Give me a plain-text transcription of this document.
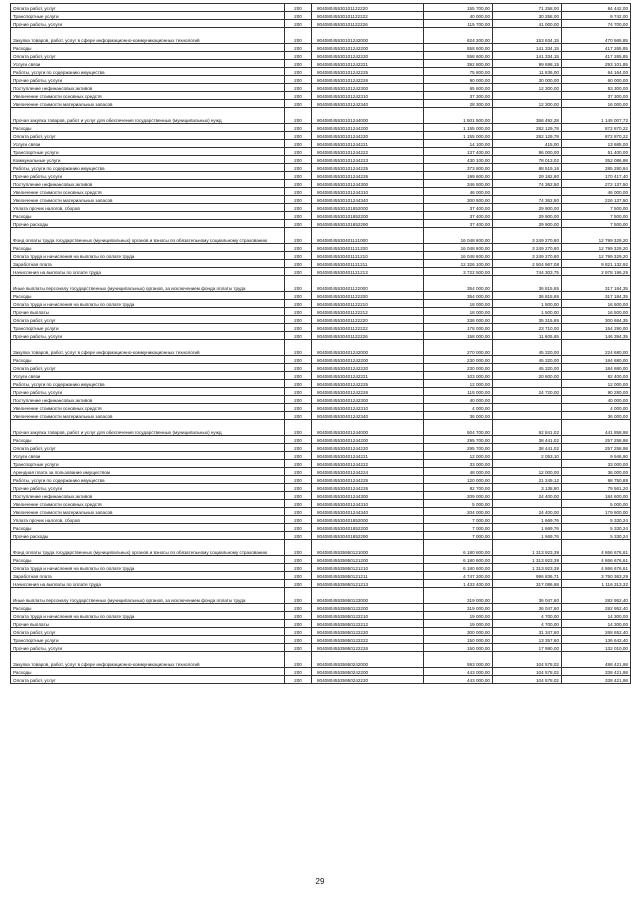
Оплата работ, услуг	200	80408045530101122220	155 700,00	71 258,00	84 442,00
Транспортные услуги	200	80408045530101122222	40 000,00	30 258,00	9 742,00
Прочие работы, услуги	200	80408045530101122226	115 700,00	41 000,00	74 700,00
Закупка товаров, работ, услуг в сфере информационно-коммуникационных технологий	200	80408045530101242000	624 200,00	153 634,15	470 565,85
Расходы	200	80408045530101242200	558 600,00	141 334,15	417 265,85
Оплата работ, услуг	200	80408045530101242220	558 600,00	141 334,15	417 265,85
Услуги связи	200	80408045530101242221	392 800,00	99 698,15	293 101,85
Работы, услуги по содержанию имущества	200	80408045530101242225	75 800,00	11 636,00	64 164,00
Прочие работы, услуги	200	80408045530101242226	90 000,00	30 000,00	60 000,00
Поступление нефинансовых активов	200	80408045530101242300	65 600,00	12 300,00	53 300,00
Увеличение стоимости основных средств	200	80408045530101242310	37 300,00		37 300,00
Увеличение стоимости материальных запасов	200	80408045530101242340	28 300,00	12 300,00	16 000,00
Прочая закупка товаров, работ и услуг для обеспечения государственных (муниципальных) нужд	200	80408045530101244000	1 501 500,00	356 492,28	1 145 007,72
Расходы	200	80408045530101244200	1 155 000,00	282 129,78	872 870,22
Оплата работ, услуг	200	80408045530101244220	1 155 000,00	282 129,78	872 870,22
Услуги связи	200	80408045530101244221	14 100,00	415,00	13 685,00
Транспортные услуги	200	80408045530101244222	137 400,00	86 000,00	51 400,00
Коммунальные услуги	200	80408045530101244223	430 100,00	78 013,02	352 086,98
Работы, услуги по содержанию имущества	200	80408045530101244225	373 800,00	88 519,16	285 280,84
Прочие работы, услуги	200	80408045530101244226	199 600,00	29 182,60	170 417,40
Поступление нефинансовых активов	200	80408045530101244300	346 500,00	74 362,50	272 137,50
Увеличение стоимости основных средств	200	80408045530101244310	46 000,00		46 000,00
Увеличение стоимости материальных запасов	200	80408045530101244340	300 500,00	74 362,50	226 137,50
Уплата прочих налогов, сборов	200	80408045530101852000	37 400,00	29 900,00	7 500,00
Расходы	200	80408045530101852200	37 400,00	29 900,00	7 500,00
Прочие расходы	200	80408045530101852290	37 400,00	29 900,00	7 500,00
Фонд оплаты труда государственных (муниципальных) органов и взносы по обязательному социальному страхованию	200	80408045530401121000	16 048 600,00	3 249 270,80	12 799 329,20
Расходы	200	80408045530401121200	16 048 600,00	3 249 270,80	12 799 329,20
Оплата труда и начисления на выплаты по оплате труда	200	80408045530401121210	16 048 600,00	3 249 270,80	12 799 329,20
Заработная плата	200	80408045530401121211	12 326 100,00	2 504 967,08	9 821 132,92
Начисления на выплаты по оплате труда	200	80408045530401121213	3 722 500,00	744 303,75	2 978 196,25
Иные выплаты персоналу государственных (муниципальных) органов, за исключением фонда оплаты труда	200	80408045530401122000	354 000,00	36 815,65	317 184,35
Расходы	200	80408045530401122200	354 000,00	36 815,65	317 184,35
Оплата труда и начисления на выплаты по оплате труда	200	80408045530401122210	18 000,00	1 500,00	16 500,00
Прочие выплаты	200	80408045530401122212	18 000,00	1 500,00	16 500,00
Оплата работ, услуг	200	80408045530401122220	336 000,00	35 315,65	300 684,35
Транспортные услуги	200	80408045530401122222	178 000,00	23 710,00	154 290,00
Прочие работы, услуги	200	80408045530401122226	158 000,00	11 605,65	146 394,35
Закупка товаров, работ, услуг в сфере информационно-коммуникационных технологий	200	80408045530401242000	270 000,00	45 320,00	224 680,00
Расходы	200	80408045530401242200	230 000,00	45 320,00	184 680,00
Оплата работ, услуг	200	80408045530401242220	230 000,00	45 320,00	184 680,00
Услуги связи	200	80408045530401242221	103 000,00	20 600,00	82 400,00
Работы, услуги по содержанию имущества	200	80408045530401242225	12 000,00		12 000,00
Прочие работы, услуги	200	80408045530401242226	115 000,00	24 720,00	90 280,00
Поступление нефинансовых активов	200	80408045530401242300	40 000,00		40 000,00
Увеличение стоимости основных средств	200	80408045530401242310	4 000,00		4 000,00
Увеличение стоимости материальных запасов	200	80408045530401242340	36 000,00		36 000,00
Прочая закупка товаров, работ и услуг для обеспечения государственных (муниципальных) нужд	200	80408045530401244000	504 700,00	62 841,02	441 858,98
Расходы	200	80408045530401244200	295 700,00	38 441,02	257 258,98
Оплата работ, услуг	200	80408045530401244220	295 700,00	38 441,02	257 258,98
Услуги связи	200	80408045530401244221	12 000,00	2 053,10	9 946,90
Транспортные услуги	200	80408045530401244222	33 000,00		33 000,00
Арендная плата за пользование имуществом	200	80408045530401244224	48 000,00	12 000,00	36 000,00
Работы, услуги по содержанию имущества	200	80408045530401244225	120 000,00	21 249,12	98 750,88
Прочие работы, услуги	200	80408045530401244226	82 700,00	3 138,80	79 561,20
Поступление нефинансовых активов	200	80408045530401244300	209 000,00	24 400,00	184 600,00
Увеличение стоимости основных средств	200	80408045530401244310	5 000,00		5 000,00
Увеличение стоимости материальных запасов	200	80408045530401244340	204 000,00	24 400,00	179 600,00
Уплата прочих налогов, сборов	200	80408045530401852000	7 000,00	1 669,76	5 330,24
Расходы	200	80408045530401852200	7 000,00	1 669,76	5 330,24
Прочие расходы	200	80408045530401852290	7 000,00	1 669,76	5 330,24
Фонд оплаты труда государственных (муниципальных) органов и взносы по обязательному социальному страхованию	200	80408045535950121000	6 180 600,00	1 313 923,39	4 866 676,61
Расходы	200	80408045535950121200	6 180 600,00	1 313 923,39	4 866 676,61
Оплата труда и начисления на выплаты по оплате труда	200	80408045535950121210	6 180 600,00	1 313 923,39	4 866 676,61
Заработная плата	200	80408045535950121211	4 747 200,00	996 836,71	3 750 363,29
Начисления на выплаты по оплате труда	200	80408045535950121213	1 433 400,00	317 086,68	1 116 313,32
Иные выплаты персоналу государственных (муниципальных) органов, за исключением фонда оплаты труда	200	80408045535950122000	319 000,00	36 047,60	282 952,40
Расходы	200	80408045535950122200	319 000,00	36 047,60	282 952,40
Оплата труда и начисления на выплаты по оплате труда	200	80408045535950122210	19 000,00	4 700,00	14 300,00
Прочие выплаты	200	80408045535950122212	19 000,00	4 700,00	14 300,00
Оплата работ, услуг	200	80408045535950122220	300 000,00	31 347,60	268 652,40
Транспортные услуги	200	80408045535950122222	150 000,00	13 357,60	136 642,40
Прочие работы, услуги	200	80408045535950122226	150 000,00	17 990,00	132 010,00
Закупка товаров, работ, услуг в сфере информационно-коммуникационных технологий	200	80408045535950242000	593 000,00	104 578,02	488 421,98
Расходы	200	80408045535950242200	443 000,00	104 578,02	338 421,98
Оплата работ, услуг	200	80408045535950242220	443 000,00	104 578,02	338 421,98
29
